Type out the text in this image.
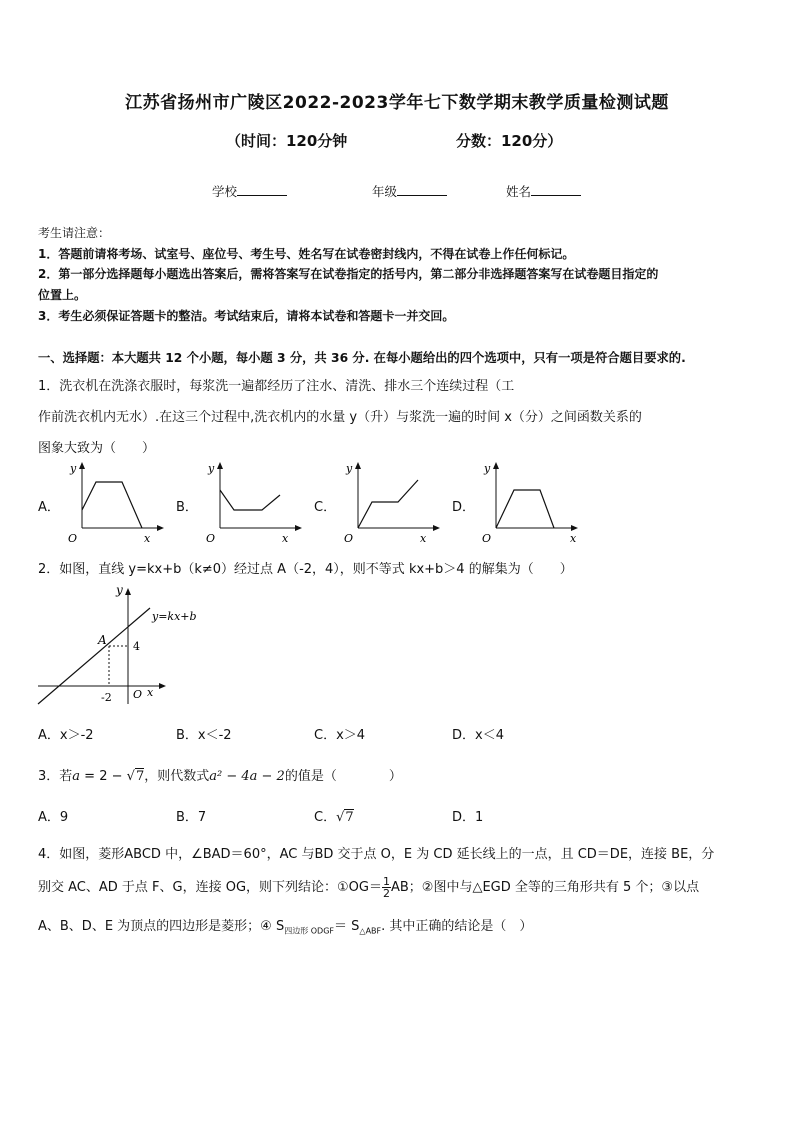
江苏省扬州市广陵区2022-2023学年七下数学期末教学质量检测试题
（时间：120分钟	分数：120分）
学校	年级	姓名
考生请注意：
1．答题前请将考场、试室号、座位号、考生号、姓名写在试卷密封线内，不得在试卷上作任何标记。
2．第一部分选择题每小题选出答案后，需将答案写在试卷指定的括号内，第二部分非选择题答案写在试卷题目指定的
位置上。
3．考生必须保证答题卡的整洁。考试结束后，请将本试卷和答题卡一并交回。
一、选择题：本大题共 12 个小题，每小题 3 分，共 36 分. 在每小题给出的四个选项中，只有一项是符合题目要求的.
1．洗衣机在洗涤衣服时，每浆洗一遍都经历了注水、清洗、排水三个连续过程（工
作前洗衣机内无水）.在这三个过程中,洗衣机内的水量 y（升）与浆洗一遍的时间 x（分）之间函数关系的
图象大致为（　　）
A．
y
x
O
B．
y
x
O
C．
y
x
O
D．
y
x
O
2．如图，直线 y=kx+b（k≠0）经过点 A（-2，4），则不等式 kx+b＞4 的解集为（　　）
y
y=kx+b
A 4
-2 O x
A．x＞-2	B．x＜-2	C．x＞4	D．x＜4
3．若a = 2 − √7，则代数式a² − 4a − 2的值是（　　　　）
A．9	B．7	C．√7	D．1
4．如图，菱形ABCD 中，∠BAD＝60°，AC 与BD 交于点 O，E 为 CD 延长线上的一点，且 CD＝DE，连接 BE，分
别交 AC、AD 于点 F、G，连接 OG，则下列结论：①OG＝ $\frac{1}{2}$ AB；②图中与△EGD 全等的三角形共有 5 个；③以点
A、B、D、E 为顶点的四边形是菱形；④ $S_{四边形 ODGF}= S_{\triangle ABF}$. 其中正确的结论是（　）
